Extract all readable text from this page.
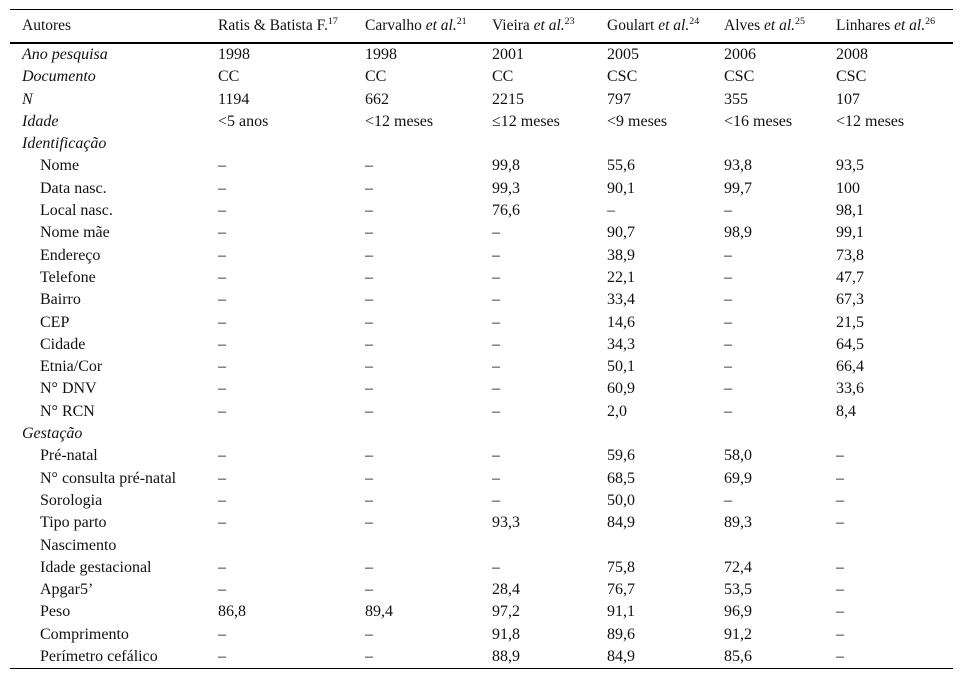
Autores	Ratis & Batista F.$^{17}$	Carvalho et al.$^{21}$	Vieira et al.$^{23}$	Goulart et al.$^{24}$	Alves et al.$^{25}$	Linhares et al.$^{26}$
Ano pesquisa	1998	1998	2001	2005	2006	2008
Documento	CC	CC	CC	CSC	CSC	CSC
N	1194	662	2215	797	355	107
Idade	<5 anos	<12 meses	≤12 meses	<9 meses	<16 meses	<12 meses
Identificação						
Nome	–	–	99,8	55,6	93,8	93,5
Data nasc.	–	–	99,3	90,1	99,7	100
Local nasc.	–	–	76,6	–	–	98,1
Nome mãe	–	–	–	90,7	98,9	99,1
Endereço	–	–	–	38,9	–	73,8
Telefone	–	–	–	22,1	–	47,7
Bairro	–	–	–	33,4	–	67,3
CEP	–	–	–	14,6	–	21,5
Cidade	–	–	–	34,3	–	64,5
Etnia/Cor	–	–	–	50,1	–	66,4
N° DNV	–	–	–	60,9	–	33,6
N° RCN	–	–	–	2,0	–	8,4
Gestação						
Pré-natal	–	–	–	59,6	58,0	–
N° consulta pré-natal	–	–	–	68,5	69,9	–
Sorologia	–	–	–	50,0	–	–
Tipo parto	–	–	93,3	84,9	89,3	–
Nascimento						
Idade gestacional	–	–	–	75,8	72,4	–
Apgar5’	–	–	28,4	76,7	53,5	–
Peso	86,8	89,4	97,2	91,1	96,9	–
Comprimento	–	–	91,8	89,6	91,2	–
Perímetro cefálico	–	–	88,9	84,9	85,6	–
